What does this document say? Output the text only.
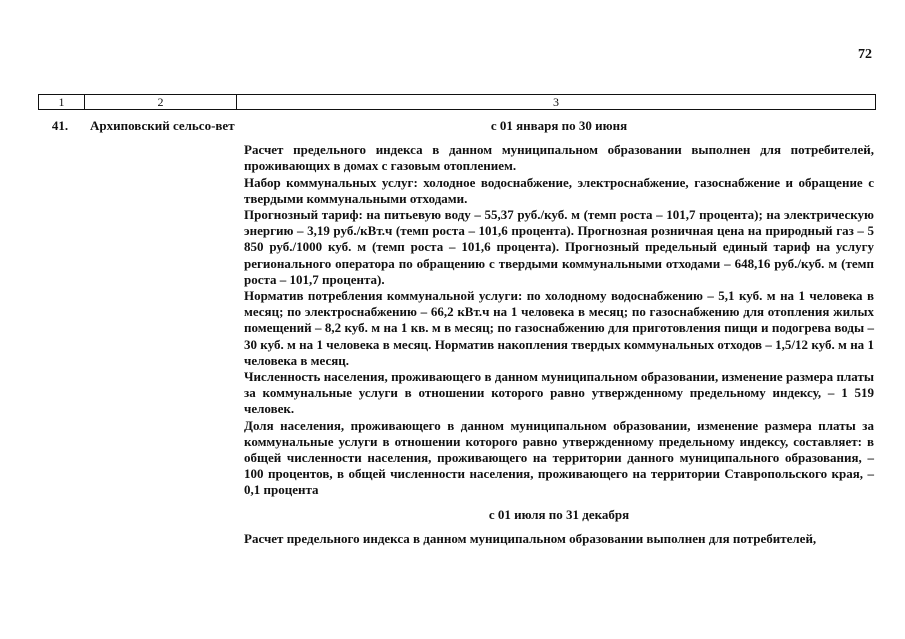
72
1	2	3
41.	Архиповский сельсо-вет	с 01 января по 30 июня

Расчет предельного индекса в данном муниципальном образовании выполнен для потребителей, проживающих в домах с газовым отоплением.

Набор коммунальных услуг: холодное водоснабжение, электроснабжение, газоснабжение и обращение с твердыми коммунальными отходами.

Прогнозный тариф: на питьевую воду – 55,37 руб./куб. м (темп роста – 101,7 процента); на электрическую энергию – 3,19 руб./кВт.ч (темп роста – 101,6 процента). Прогнозная розничная цена на природный газ – 5 850 руб./1000 куб. м (темп роста – 101,6 процента). Прогнозный предельный единый тариф на услугу регионального оператора по обращению с твердыми коммунальными отходами – 648,16 руб./куб. м (темп роста – 101,7 процента).

Норматив потребления коммунальной услуги: по холодному водоснабжению – 5,1 куб. м на 1 человека в месяц; по электроснабжению – 66,2 кВт.ч на 1 человека в месяц; по газоснабжению для отопления жилых помещений – 8,2 куб. м на 1 кв. м в месяц; по газоснабжению для приготовления пищи и подогрева воды – 30 куб. м на 1 человека в месяц. Норматив накопления твердых коммунальных отходов – 1,5/12 куб. м на 1 человека в месяц.

Численность населения, проживающего в данном муниципальном образовании, изменение размера платы за коммунальные услуги в отношении которого равно утвержденному предельному индексу, – 1 519 человек.

Доля населения, проживающего в данном муниципальном образовании, изменение размера платы за коммунальные услуги в отношении которого равно утвержденному предельному индексу, составляет: в общей численности населения, проживающего на территории данного муниципального образования, – 100 процентов, в общей численности населения, проживающего на территории Ставропольского края, – 0,1 процента

с 01 июля по 31 декабря

Расчет предельного индекса в данном муниципальном образовании выполнен для потребителей,
